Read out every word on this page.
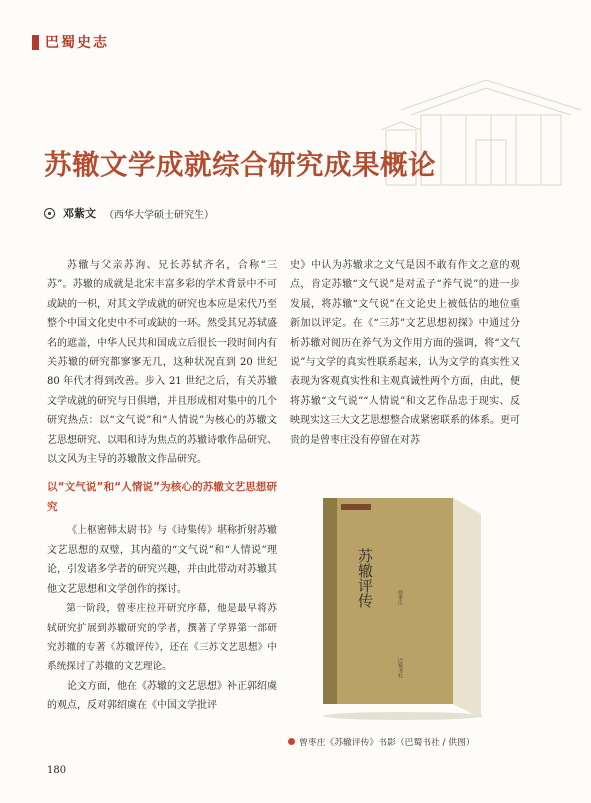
巴蜀史志
苏辙文学成就综合研究成果概论
邓紫文 （西华大学硕士研究生）

苏辙与父亲苏洵、兄长苏轼齐名，合称“三苏”。苏辙的成就是北宋丰富多彩的学术背景中不可或缺的一枳，对其文学成就的研究也本应是宋代乃至整个中国文化史中不可或缺的一环。然受其兄苏轼盛名的遮盖，中华人民共和国成立后很长一段时间内有关苏辙的研究都寥寥无几，这种状况直到 20 世纪 80 年代才得到改善。步入 21 世纪之后，有关苏辙文学成就的研究与日俱增，并且形成相对集中的几个研究热点：以“文气说”和“人情说”为核心的苏辙文艺思想研究、以唱和诗为焦点的苏辙诗歌作品研究、以文风为主导的苏辙散文作品研究。

以“文气说”和“人情说”为核心的苏辙文艺思想研究

《上枢密韩太尉书》与《诗集传》堪称折射苏辙文艺思想的双璧，其内蕴的“文气说”和“人情说”理论，引发诸多学者的研究兴趣，并由此带动对苏辙其他文艺思想和文学创作的探讨。

第一阶段，曾枣庄拉开研究序幕，他是最早将苏轼研究扩展到苏辙研究的学者，撰著了学界第一部研究苏辙的专著《苏辙评传》，还在《三苏文艺思想》中系统探讨了苏辙的文艺理论。

论文方面，他在《苏辙的文艺思想》补正郭绍虞的观点，反对郭绍虞在《中国文学批评

史》中认为苏辙求之文气是因不敢有作文之意的观点，肯定苏辙“文气说”是对孟子“养气说”的进一步发展，将苏辙“文气说”在文论史上被低估的地位重新加以评定。在《“三苏”文艺思想初探》中通过分析苏辙对阅历在养气为文作用方面的强调，将“文气说”与文学的真实性联系起来，认为文学的真实性又表现为客观真实性和主观真诚性两个方面，由此，便将苏辙“文气说”“人情说”和文艺作品忠于现实、反映现实这三大文艺思想整合成紧密联系的体系。更可贵的是曾枣庄没有停留在对苏

苏辙评传	曾枣庄
巴蜀书社
曾枣庄《苏辙评传》书影（巴蜀书社 / 供图）
180
